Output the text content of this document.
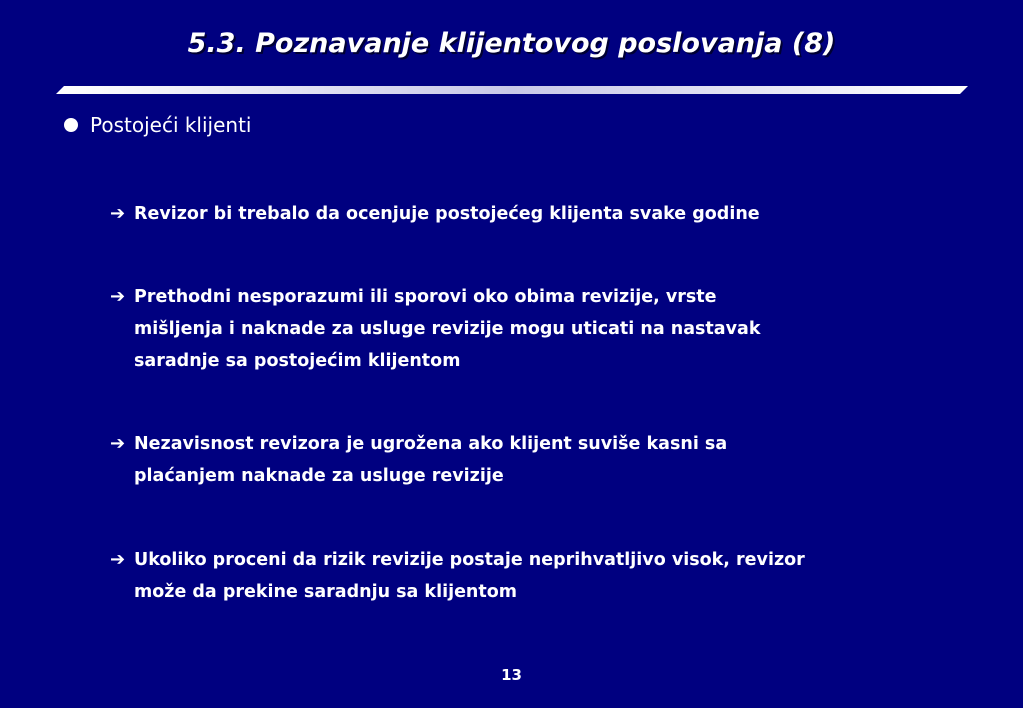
5.3. Poznavanje klijentovog poslovanja (8)
Postojeći klijenti
➔ Revizor bi trebalo da ocenjuje postojećeg klijenta svake godine
➔ Prethodni nesporazumi ili sporovi oko obima revizije, vrste
mišljenja i naknade za usluge revizije mogu uticati na nastavak
saradnje sa postojećim klijentom
➔ Nezavisnost revizora je ugrožena ako klijent suviše kasni sa
plaćanjem naknade za usluge revizije
➔ Ukoliko proceni da rizik revizije postaje neprihvatljivo visok, revizor
može da prekine saradnju sa klijentom
13
